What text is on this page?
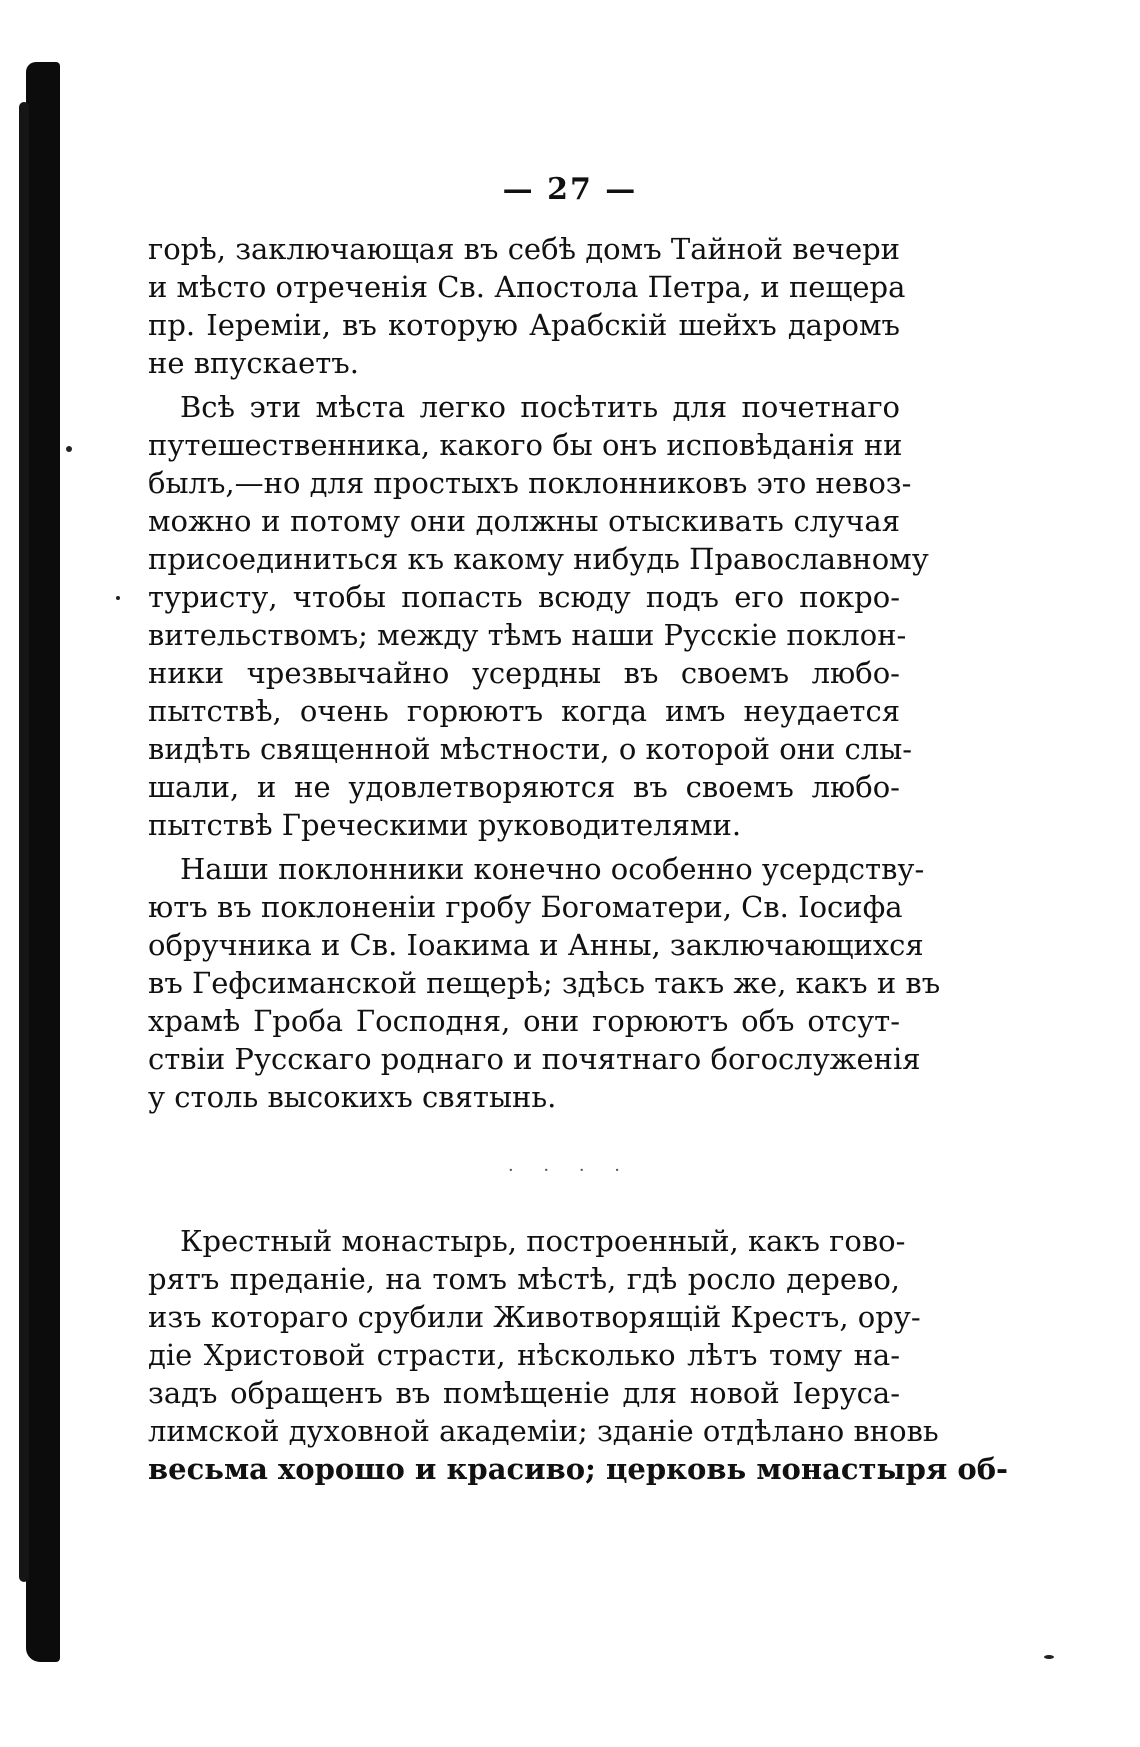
— 27 —
горѣ, заключающая въ себѣ домъ Тайной вечери
и мѣсто отреченія Св. Апостола Петра, и пещера
пр. Іереміи, въ которую Арабскій шейхъ даромъ
не впускаетъ.
Всѣ эти мѣста легко посѣтить для почетнаго
путешественника, какого бы онъ исповѣданія ни
былъ,—но для простыхъ поклонниковъ это невоз-
можно и потому они должны отыскивать случая
присоединиться къ какому нибудь Православному
туристу, чтобы попасть всюду подъ его покро-
вительствомъ; между тѣмъ наши Русскіе поклон-
ники чрезвычайно усердны въ своемъ любо-
пытствѣ, очень горюютъ когда имъ неудается
видѣть священной мѣстности, о которой они слы-
шали, и не удовлетворяются въ своемъ любо-
пытствѣ Греческими руководителями.
Наши поклонники конечно особенно усердству-
ютъ въ поклоненіи гробу Богоматери, Св. Іосифа
обручника и Св. Іоакима и Анны, заключающихся
въ Гефсиманской пещерѣ; здѣсь такъ же, какъ и въ
храмѣ Гроба Господня, они горюютъ объ отсут-
ствіи Русскаго роднаго и почятнаго богослуженія
у столь высокихъ святынь.
· · · ·
Крестный монастырь, построенный, какъ гово-
рятъ преданіе, на томъ мѣстѣ, гдѣ росло дерево,
изъ котораго срубили Животворящій Крестъ, ору-
діе Христовой страсти, нѣсколько лѣтъ тому на-
задъ обращенъ въ помѣщеніе для новой Іеруса-
лимской духовной академіи; зданіе отдѣлано вновь
весьма хорошо и красиво; церковь монастыря об-
